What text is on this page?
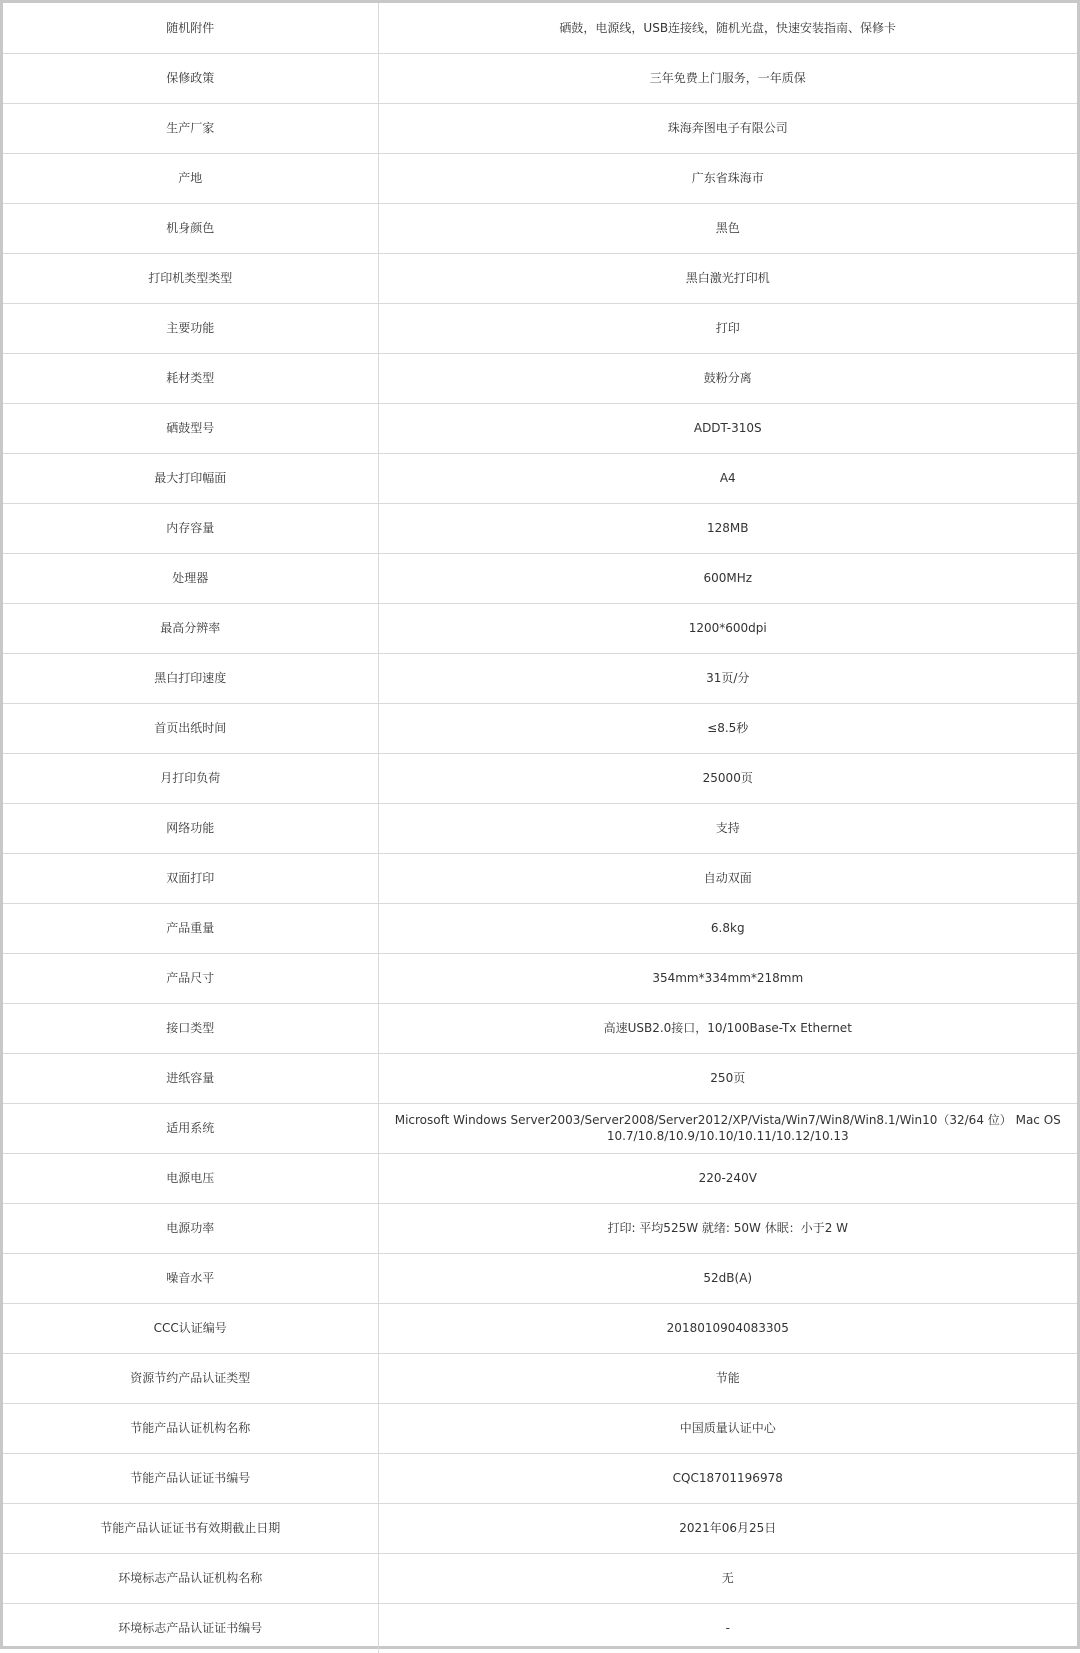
随机附件	硒鼓，电源线，USB连接线，随机光盘，快速安装指南、保修卡
保修政策	三年免费上门服务，一年质保
生产厂家	珠海奔图电子有限公司
产地	广东省珠海市
机身颜色	黑色
打印机类型类型	黑白激光打印机
主要功能	打印
耗材类型	鼓粉分离
硒鼓型号	ADDT-310S
最大打印幅面	A4
内存容量	128MB
处理器	600MHz
最高分辨率	1200*600dpi
黑白打印速度	31页/分
首页出纸时间	≤8.5秒
月打印负荷	25000页
网络功能	支持
双面打印	自动双面
产品重量	6.8kg
产品尺寸	354mm*334mm*218mm
接口类型	高速USB2.0接口，10/100Base-Tx Ethernet
进纸容量	250页
适用系统	Microsoft Windows Server2003/Server2008/Server2012/XP/Vista/Win7/Win8/Win8.1/Win10（32/64 位） Mac OS 10.7/10.8/10.9/10.10/10.11/10.12/10.13
电源电压	220-240V
电源功率	打印: 平均525W 就绪: 50W 休眠：小于2 W
噪音水平	52dB(A)
CCC认证编号	2018010904083305
资源节约产品认证类型	节能
节能产品认证机构名称	中国质量认证中心
节能产品认证证书编号	CQC18701196978
节能产品认证证书有效期截止日期	2021年06月25日
环境标志产品认证机构名称	无
环境标志产品认证证书编号	-
